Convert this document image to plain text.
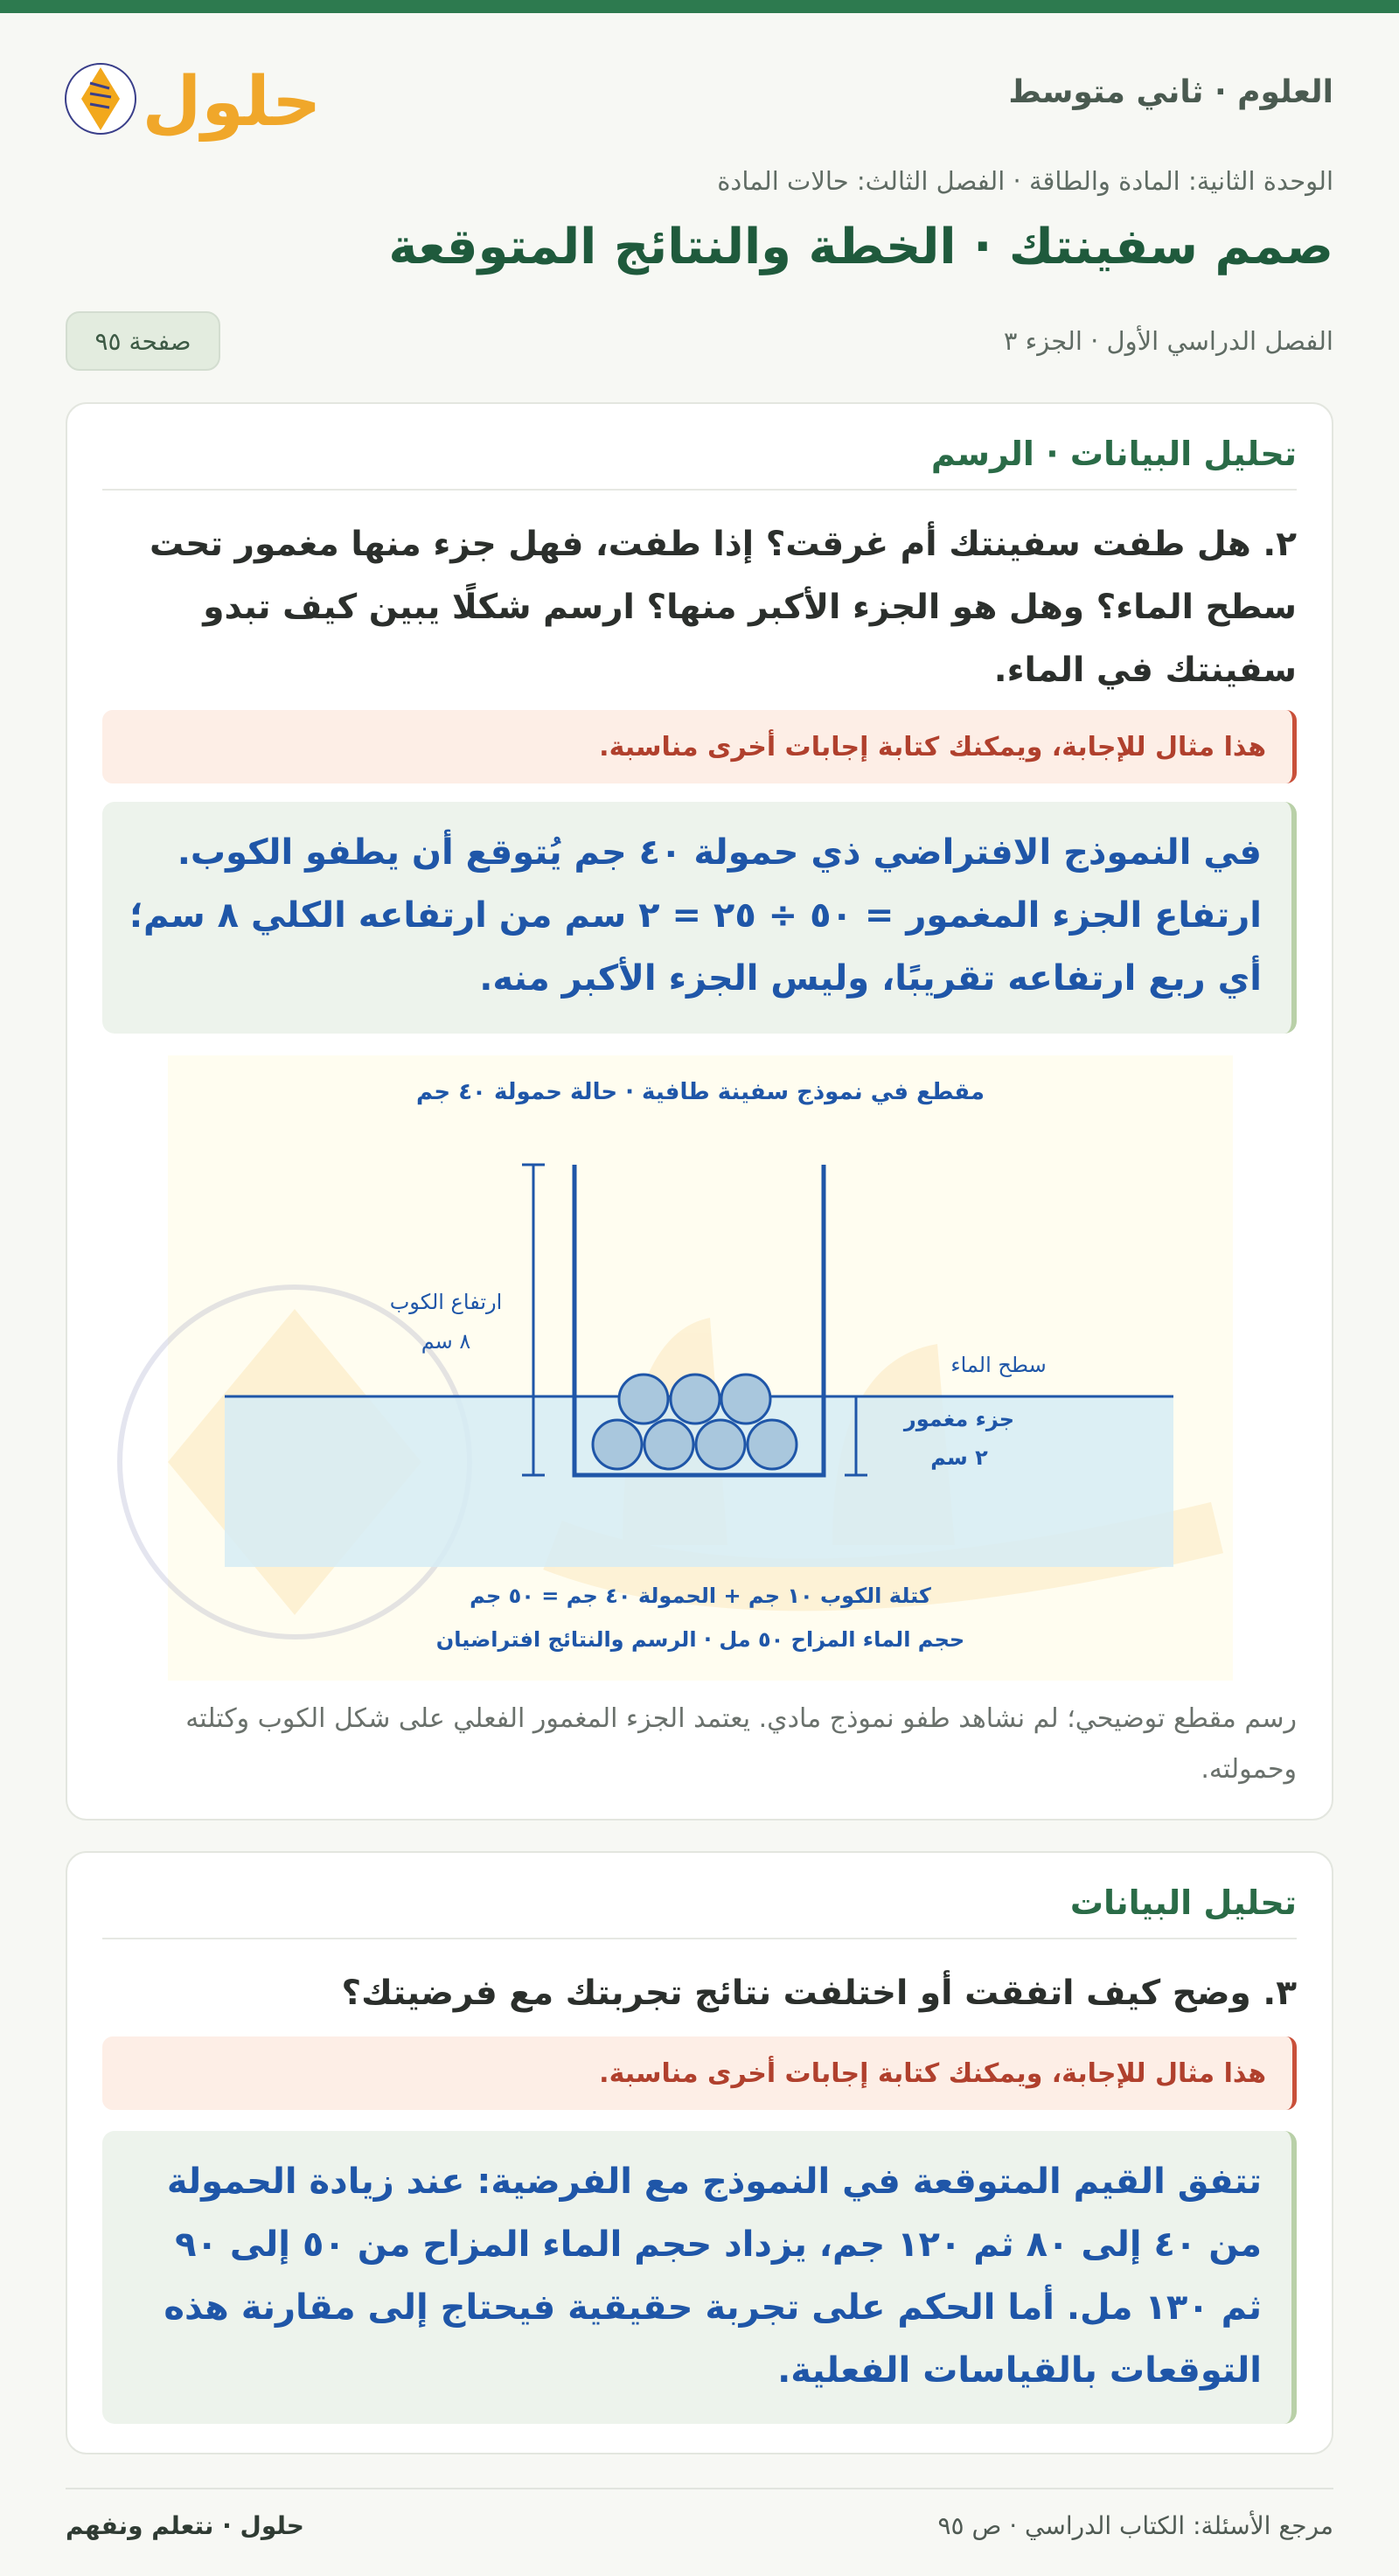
العلوم · ثاني متوسط
حلول
الوحدة الثانية: المادة والطاقة · الفصل الثالث: حالات المادة
صمم سفينتك · الخطة والنتائج المتوقعة
الفصل الدراسي الأول · الجزء ٣
صفحة ٩٥
تحليل البيانات · الرسم
٢. هل طفت سفينتك أم غرقت؟ إذا طفت، فهل جزء منها مغمور تحت سطح الماء؟ وهل هو الجزء الأكبر منها؟ ارسم شكلًا يبين كيف تبدو سفينتك في الماء.
هذا مثال للإجابة، ويمكنك كتابة إجابات أخرى مناسبة.
في النموذج الافتراضي ذي حمولة ٤٠ جم يُتوقع أن يطفو الكوب.
ارتفاع الجزء المغمور = ٥٠ ÷ ٢٥ = ٢ سم من ارتفاعه الكلي ٨ سم؛
أي ربع ارتفاعه تقريبًا، وليس الجزء الأكبر منه.
مقطع في نموذج سفينة طافية · حالة حمولة ٤٠ جم
ارتفاع الكوب
٨ سم
سطح الماء
جزء مغمور
٢ سم
كتلة الكوب ١٠ جم + الحمولة ٤٠ جم = ٥٠ جم
حجم الماء المزاح ٥٠ مل · الرسم والنتائج افتراضيان
رسم مقطع توضيحي؛ لم نشاهد طفو نموذج مادي. يعتمد الجزء المغمور الفعلي على شكل الكوب وكتلته وحمولته.
تحليل البيانات
٣. وضح كيف اتفقت أو اختلفت نتائج تجربتك مع فرضيتك؟
هذا مثال للإجابة، ويمكنك كتابة إجابات أخرى مناسبة.
تتفق القيم المتوقعة في النموذج مع الفرضية: عند زيادة الحمولة من ٤٠ إلى ٨٠ ثم ١٢٠ جم، يزداد حجم الماء المزاح من ٥٠ إلى ٩٠ ثم ١٣٠ مل. أما الحكم على تجربة حقيقية فيحتاج إلى مقارنة هذه التوقعات بالقياسات الفعلية.
مرجع الأسئلة: الكتاب الدراسي · ص ٩٥
حلول · نتعلم ونفهم
